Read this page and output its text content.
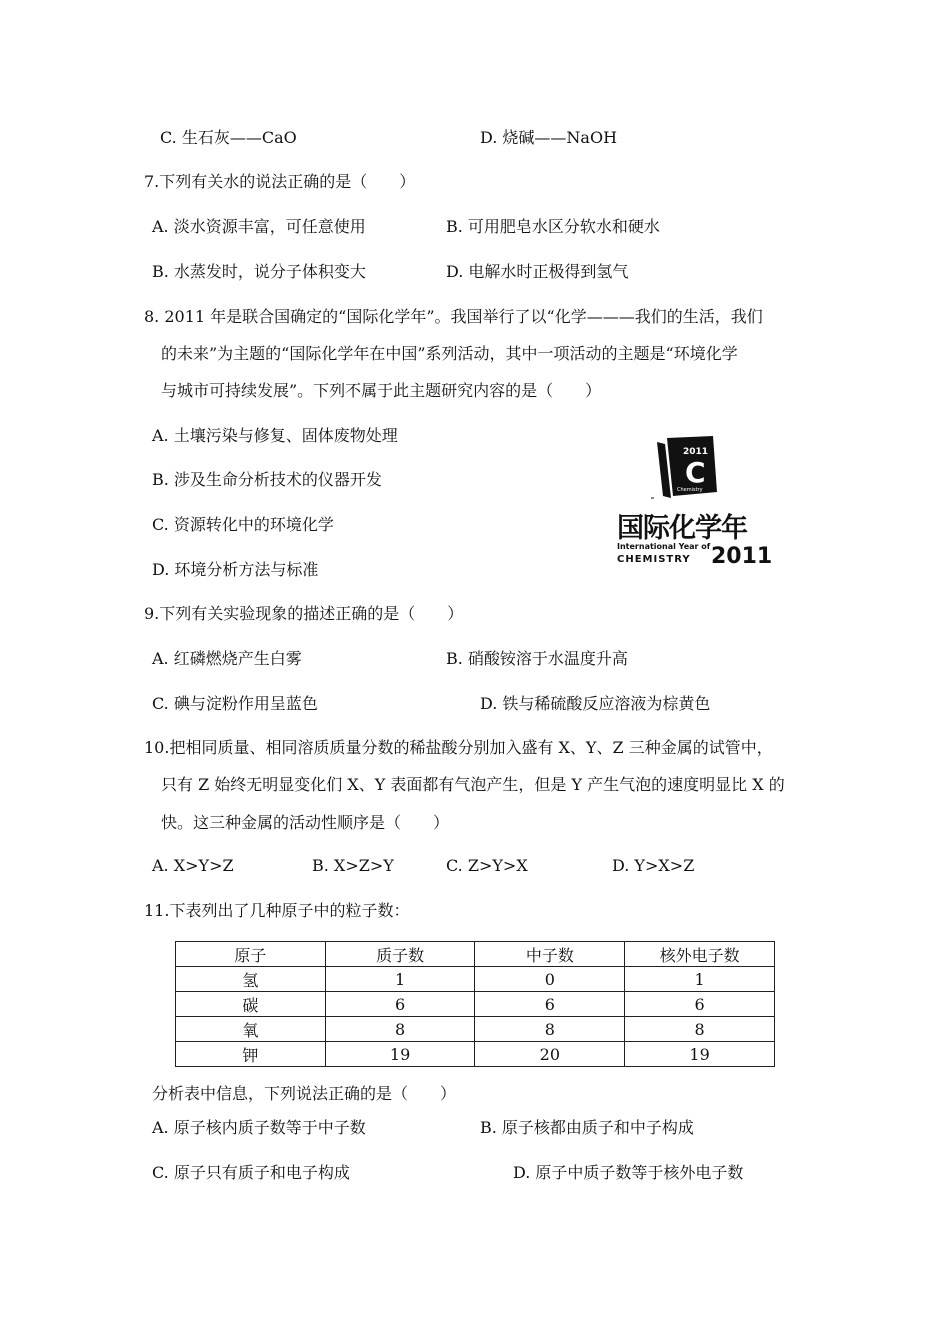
C. 生石灰——CaO	D. 烧碱——NaOH
7.下列有关水的说法正确的是（　　）
A. 淡水资源丰富，可任意使用	B. 可用肥皂水区分软水和硬水
B. 水蒸发时，说分子体积变大	D. 电解水时正极得到氢气
8. 2011 年是联合国确定的“国际化学年”。我国举行了以“化学———我们的生活，我们
的未来”为主题的“国际化学年在中国”系列活动，其中一项活动的主题是“环境化学
与城市可持续发展”。下列不属于此主题研究内容的是（　　）
A. 土壤污染与修复、固体废物处理
B. 涉及生命分析技术的仪器开发
C. 资源转化中的环境化学
D. 环境分析方法与标准
2011
C
Chemistry
国际化学年
International Year of
CHEMISTRY 2011
9.下列有关实验现象的描述正确的是（　　）
A. 红磷燃烧产生白雾	B. 硝酸铵溶于水温度升高
C. 碘与淀粉作用呈蓝色	D. 铁与稀硫酸反应溶液为棕黄色
10.把相同质量、相同溶质质量分数的稀盐酸分别加入盛有 X、Y、Z 三种金属的试管中，
只有 Z 始终无明显变化们 X、Y 表面都有气泡产生，但是 Y 产生气泡的速度明显比 X 的
快。这三种金属的活动性顺序是（　　）
A. X>Y>Z	B. X>Z>Y	C. Z>Y>X	D. Y>X>Z
11.下表列出了几种原子中的粒子数：
原子	质子数	中子数	核外电子数
氢	1	0	1
碳	6	6	6
氧	8	8	8
钾	19	20	19
分析表中信息，下列说法正确的是（　　）
A. 原子核内质子数等于中子数	B. 原子核都由质子和中子构成
C. 原子只有质子和电子构成	D. 原子中质子数等于核外电子数
